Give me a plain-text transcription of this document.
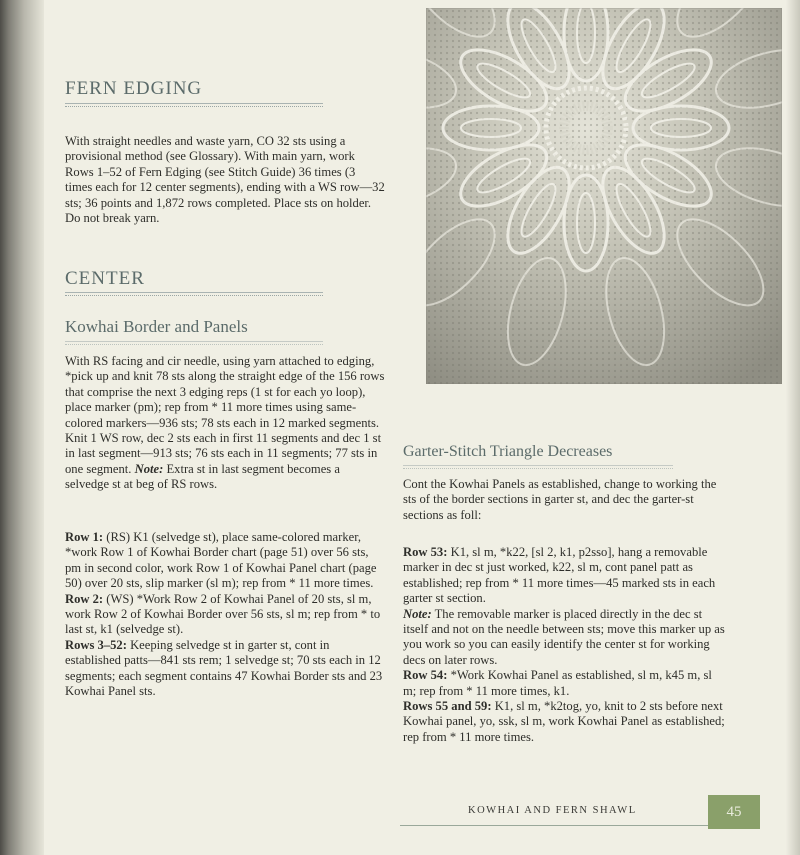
FERN EDGING
With straight needles and waste yarn, CO 32 sts using a provisional method (see Glossary). With main yarn, work Rows 1–52 of Fern Edging (see Stitch Guide) 36 times (3 times each for 12 center segments), ending with a WS row—32 sts; 36 points and 1,872 rows completed. Place sts on holder. Do not break yarn.
CENTER
Kowhai Border and Panels
With RS facing and cir needle, using yarn attached to edging, *pick up and knit 78 sts along the straight edge of the 156 rows that comprise the next 3 edging reps (1 st for each yo loop), place marker (pm); rep from * 11 more times using same-colored markers—936 sts; 78 sts each in 12 marked segments. Knit 1 WS row, dec 2 sts each in first 11 segments and dec 1 st in last segment—913 sts; 76 sts each in 11 segments; 77 sts in one segment. Note: Extra st in last segment becomes a selvedge st at beg of RS rows.
Row 1: (RS) K1 (selvedge st), place same-colored marker, *work Row 1 of Kowhai Border chart (page 51) over 56 sts, pm in second color, work Row 1 of Kowhai Panel chart (page 50) over 20 sts, slip marker (sl m); rep from * 11 more times.
Row 2: (WS) *Work Row 2 of Kowhai Panel of 20 sts, sl m, work Row 2 of Kowhai Border over 56 sts, sl m; rep from * to last st, k1 (selvedge st).
Rows 3–52: Keeping selvedge st in garter st, cont in established patts—841 sts rem; 1 selvedge st; 70 sts each in 12 segments; each segment contains 47 Kowhai Border sts and 23 Kowhai Panel sts.
Garter-Stitch Triangle Decreases
Cont the Kowhai Panels as established, change to working the sts of the border sections in garter st, and dec the garter-st sections as foll:
Row 53: K1, sl m, *k22, [sl 2, k1, p2sso], hang a removable marker in dec st just worked, k22, sl m, cont panel patt as established; rep from * 11 more times—45 marked sts in each garter st section.
Note: The removable marker is placed directly in the dec st itself and not on the needle between sts; move this marker up as you work so you can easily identify the center st for working decs on later rows.
Row 54: *Work Kowhai Panel as established, sl m, k45 m, sl m; rep from * 11 more times, k1.
Rows 55 and 59: K1, sl m, *k2tog, yo, knit to 2 sts before next Kowhai panel, yo, ssk, sl m, work Kowhai Panel as established; rep from * 11 more times.
KOWHAI AND FERN SHAWL	45
